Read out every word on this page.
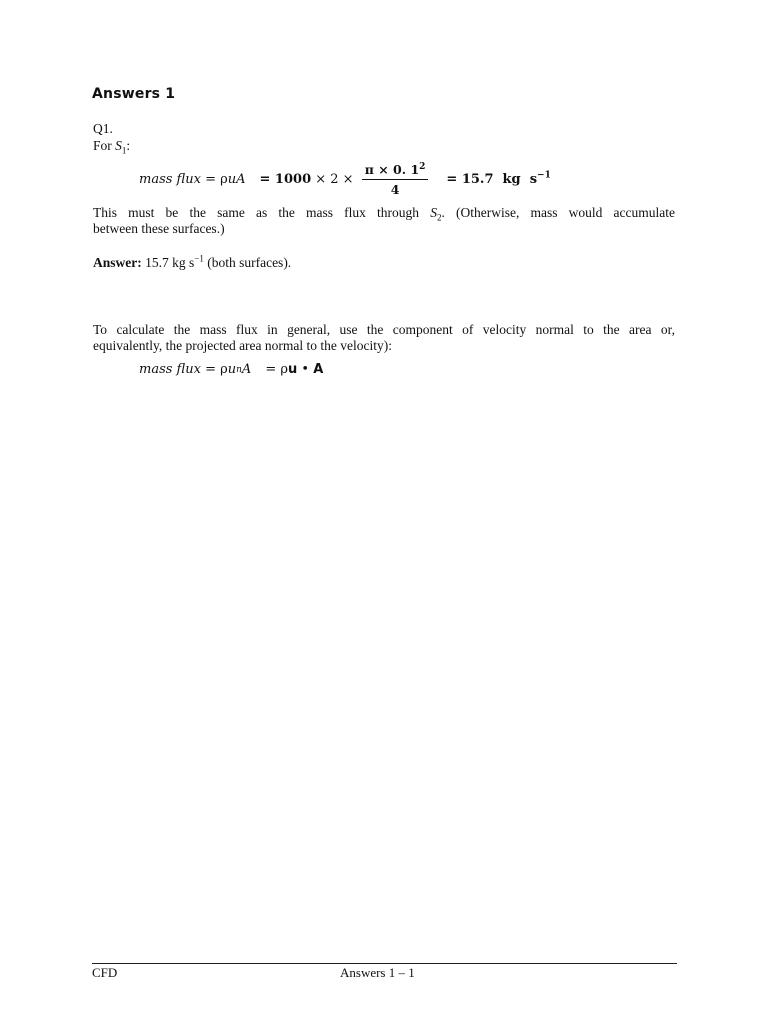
Answers 1
Q1.
For $S_1$:
mass flux = ρ u $A = 1000 \times 2 \times \frac{\pi \times 0. 1^2}{4} = 15.7$  kg  $s^{-1}$
This must be the same as the mass flux through $S_2$. (Otherwise, mass would accumulate
between these surfaces.)
Answer: 15.7 kg $s^{-1}$ (both surfaces).
To calculate the mass flux in general, use the component of velocity normal to the area or,
equivalently, the projected area normal to the velocity):
mass flux = ρ u n A = ρ u • A
CFD	Answers 1 – 1
